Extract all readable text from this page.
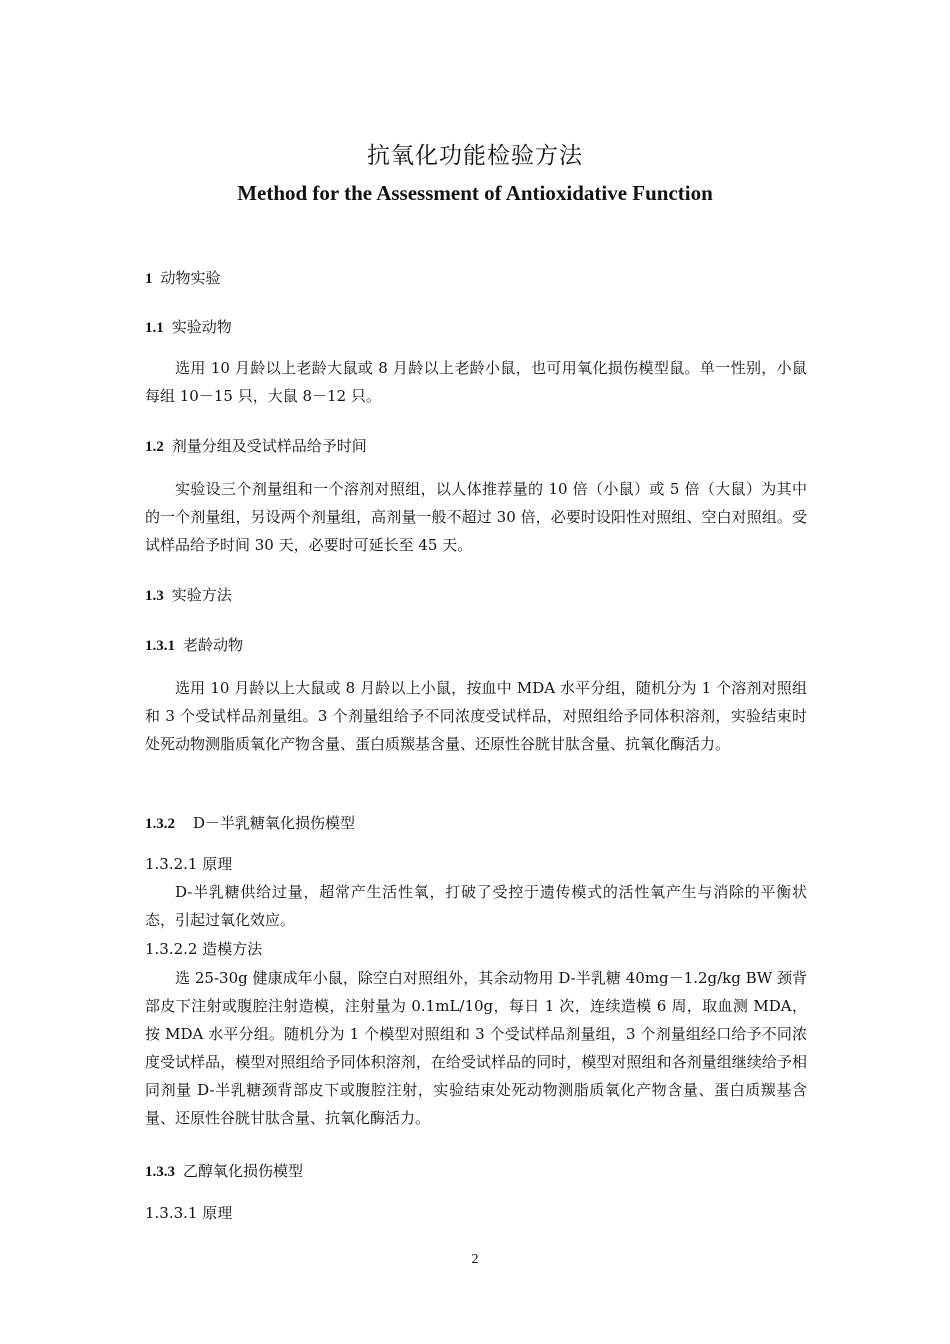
抗氧化功能检验方法
Method for the Assessment of Antioxidative Function
1 动物实验
1.1 实验动物

选用 10 月龄以上老龄大鼠或 8 月龄以上老龄小鼠，也可用氧化损伤模型鼠。单一性别，小鼠每组 10－15 只，大鼠 8－12 只。

1.2 剂量分组及受试样品给予时间

实验设三个剂量组和一个溶剂对照组，以人体推荐量的 10 倍（小鼠）或 5 倍（大鼠）为其中的一个剂量组，另设两个剂量组，高剂量一般不超过 30 倍，必要时设阳性对照组、空白对照组。受试样品给予时间 30 天，必要时可延长至 45 天。

1.3 实验方法
1.3.1 老龄动物

选用 10 月龄以上大鼠或 8 月龄以上小鼠，按血中 MDA 水平分组，随机分为 1 个溶剂对照组和 3 个受试样品剂量组。3 个剂量组给予不同浓度受试样品，对照组给予同体积溶剂，实验结束时处死动物测脂质氧化产物含量、蛋白质羰基含量、还原性谷胱甘肽含量、抗氧化酶活力。

1.3.2 D－半乳糖氧化损伤模型
1.3.2.1 原理

D-半乳糖供给过量，超常产生活性氧，打破了受控于遗传模式的活性氧产生与消除的平衡状态，引起过氧化效应。

1.3.2.2 造模方法

选 25-30g 健康成年小鼠，除空白对照组外，其余动物用 D-半乳糖 40mg－1.2g/kg BW 颈背部皮下注射或腹腔注射造模，注射量为 0.1mL/10g，每日 1 次，连续造模 6 周，取血测 MDA，按 MDA 水平分组。随机分为 1 个模型对照组和 3 个受试样品剂量组，3 个剂量组经口给予不同浓度受试样品，模型对照组给予同体积溶剂，在给受试样品的同时，模型对照组和各剂量组继续给予相同剂量 D-半乳糖颈背部皮下或腹腔注射，实验结束处死动物测脂质氧化产物含量、蛋白质羰基含量、还原性谷胱甘肽含量、抗氧化酶活力。

1.3.3 乙醇氧化损伤模型
1.3.3.1 原理
2
